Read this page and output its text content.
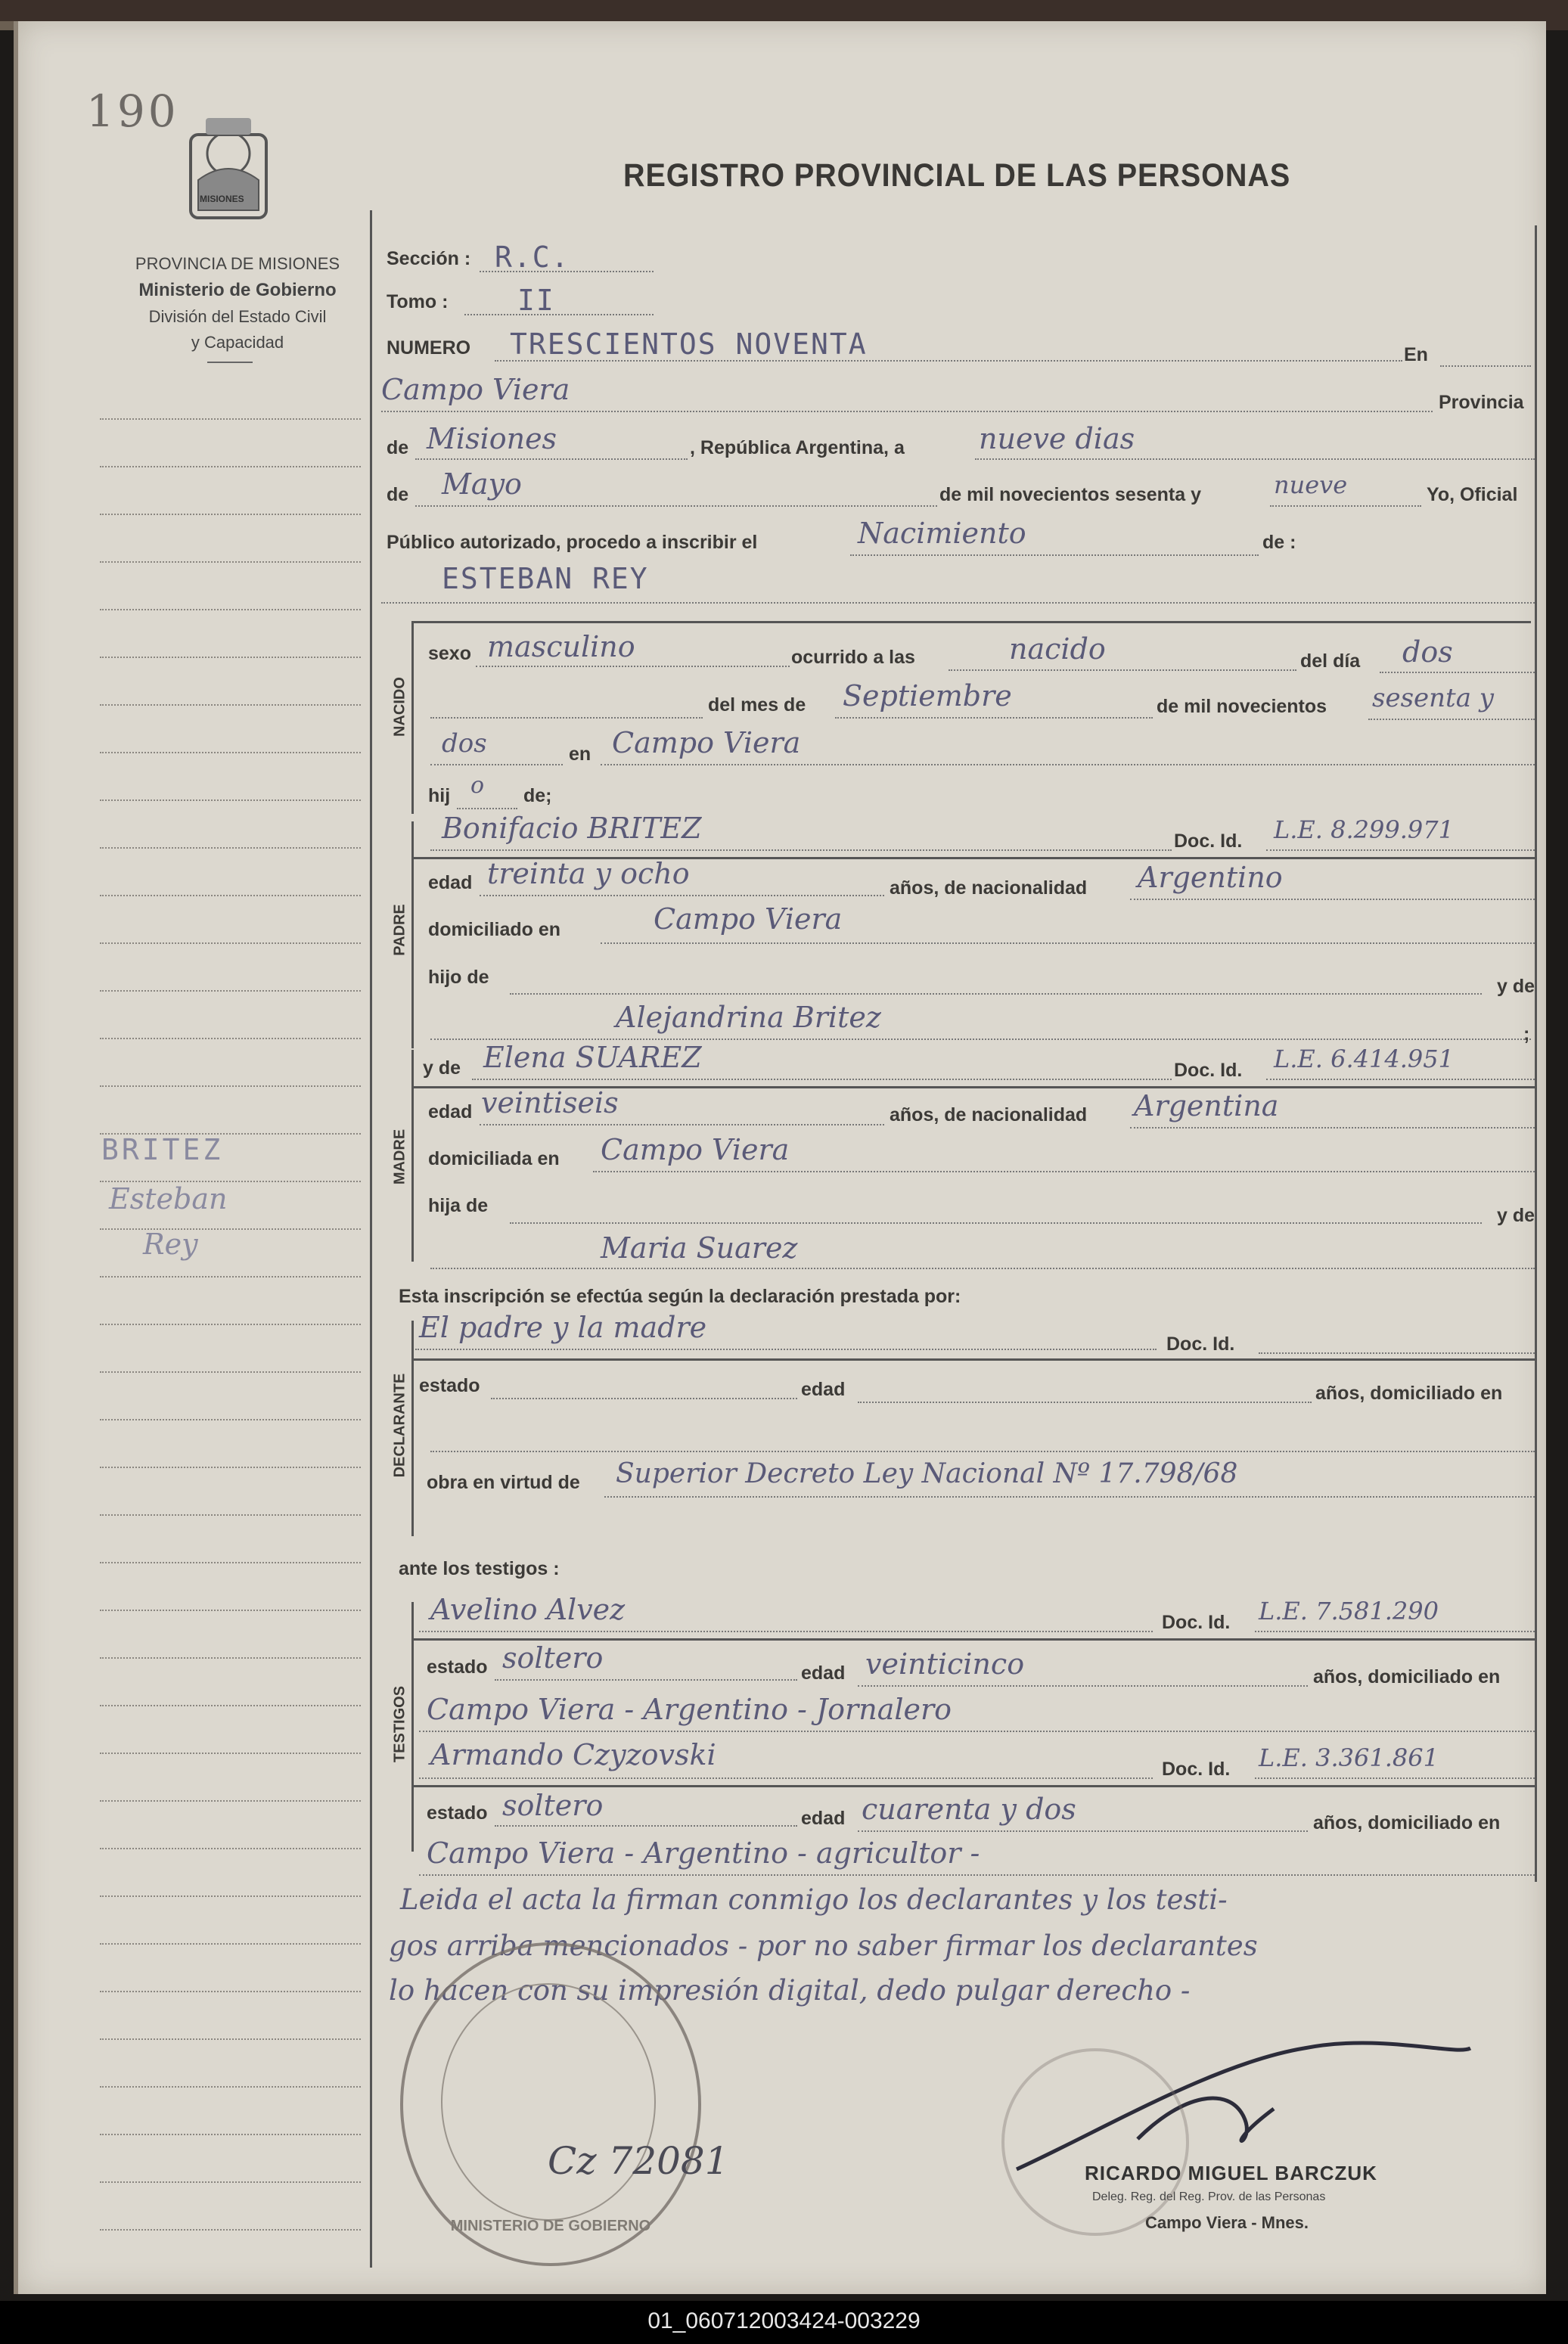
190
MISIONES
REGISTRO PROVINCIAL DE LAS PERSONAS
PROVINCIA DE MISIONES
Ministerio de Gobierno
División del Estado Civil
y Capacidad
BRITEZ
Esteban
Rey
Sección : R.C.
Tomo : II
NUMERO TRESCIENTOS NOVENTA	En
Campo Viera	Provincia
de Misiones	, República Argentina, a	nueve dias
de Mayo	de mil novecientos sesenta y	nueve	Yo, Oficial
Público autorizado, procedo a inscribir el	Nacimiento	de :
ESTEBAN REY
NACIDO
sexo masculino	ocurrido a las	nacido	del día dos
del mes de Septiembre	de mil novecientos sesenta y
dos	en Campo Viera
hij o de;
PADRE
Bonifacio BRITEZ	Doc. Id. L.E. 8.299.971
edad treinta y ocho	años, de nacionalidad Argentino
domiciliado en	Campo Viera
hijo de	y de
Alejandrina Britez	;
MADRE
y de Elena SUAREZ	Doc. Id. L.E. 6.414.951
edad veintiseis	años, de nacionalidad Argentina
domiciliada en Campo Viera
hija de	y de
Maria Suarez
Esta inscripción se efectúa según la declaración prestada por:
DECLARANTE
El padre y la madre	Doc. Id.
estado	edad	años, domiciliado en
obra en virtud de Superior Decreto Ley Nacional Nº 17.798/68
ante los testigos :
TESTIGOS
Avelino Alvez	Doc. Id. L.E. 7.581.290
estado soltero	edad veinticinco	años, domiciliado en
Campo Viera - Argentino - Jornalero
Armando Czyzovski	Doc. Id. L.E. 3.361.861
estado soltero	edad cuarenta y dos	años, domiciliado en
Campo Viera - Argentino - agricultor -
Leida el acta la firman conmigo los declarantes y los testi-
gos arriba mencionados - por no saber firmar los declarantes
lo hacen con su impresión digital, dedo pulgar derecho -
MINISTERIO DE GOBIERNO
Cz 72081	RICARDO MIGUEL BARCZUK
Deleg. Reg. del Reg. Prov. de las Personas
Campo Viera - Mnes.
01_060712003424-003229
